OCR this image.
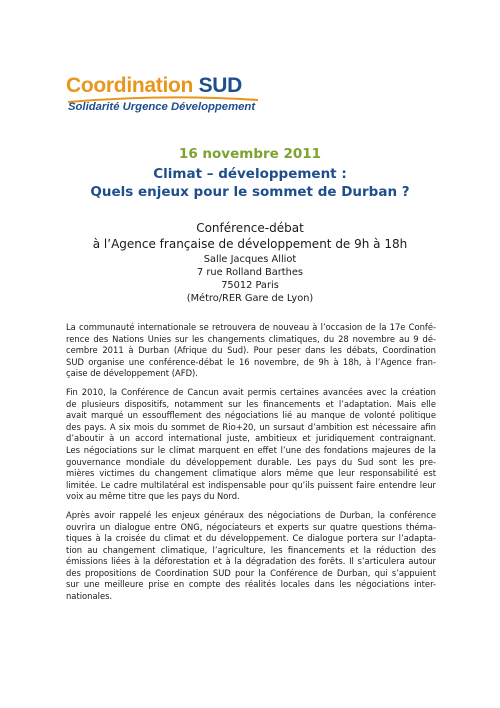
Coordination SUD
Solidarité Urgence Développement
16 novembre 2011
Climat – développement :
Quels enjeux pour le sommet de Durban ?
Conférence-débat
à l’Agence française de développement de 9h à 18h
Salle Jacques Alliot
7 rue Rolland Barthes
75012 Paris
(Métro/RER Gare de Lyon)

La communauté internationale se retrouvera de nouveau à l’occasion de la 17e Confé-
rence des Nations Unies sur les changements climatiques, du 28 novembre au 9 dé-
cembre 2011 à Durban (Afrique du Sud). Pour peser dans les débats, Coordination
SUD organise une conférence-débat le 16 novembre, de 9h à 18h, à l’Agence fran-
çaise de développement (AFD).

Fin 2010, la Conférence de Cancun avait permis certaines avancées avec la création
de plusieurs dispositifs, notamment sur les financements et l’adaptation. Mais elle
avait marqué un essoufflement des négociations lié au manque de volonté politique
des pays. A six mois du sommet de Rio+20, un sursaut d’ambition est nécessaire afin
d’aboutir à un accord international juste, ambitieux et juridiquement contraignant.
Les négociations sur le climat marquent en effet l’une des fondations majeures de la
gouvernance mondiale du développement durable. Les pays du Sud sont les pre-
mières victimes du changement climatique alors même que leur responsabilité est
limitée. Le cadre multilatéral est indispensable pour qu’ils puissent faire entendre leur
voix au même titre que les pays du Nord.

Après avoir rappelé les enjeux généraux des négociations de Durban, la conférence
ouvrira un dialogue entre ONG, négociateurs et experts sur quatre questions théma-
tiques à la croisée du climat et du développement. Ce dialogue portera sur l’adapta-
tion au changement climatique, l’agriculture, les financements et la réduction des
émissions liées à la déforestation et à la dégradation des forêts. Il s’articulera autour
des propositions de Coordination SUD pour la Conférence de Durban, qui s’appuient
sur une meilleure prise en compte des réalités locales dans les négociations inter-
nationales.
